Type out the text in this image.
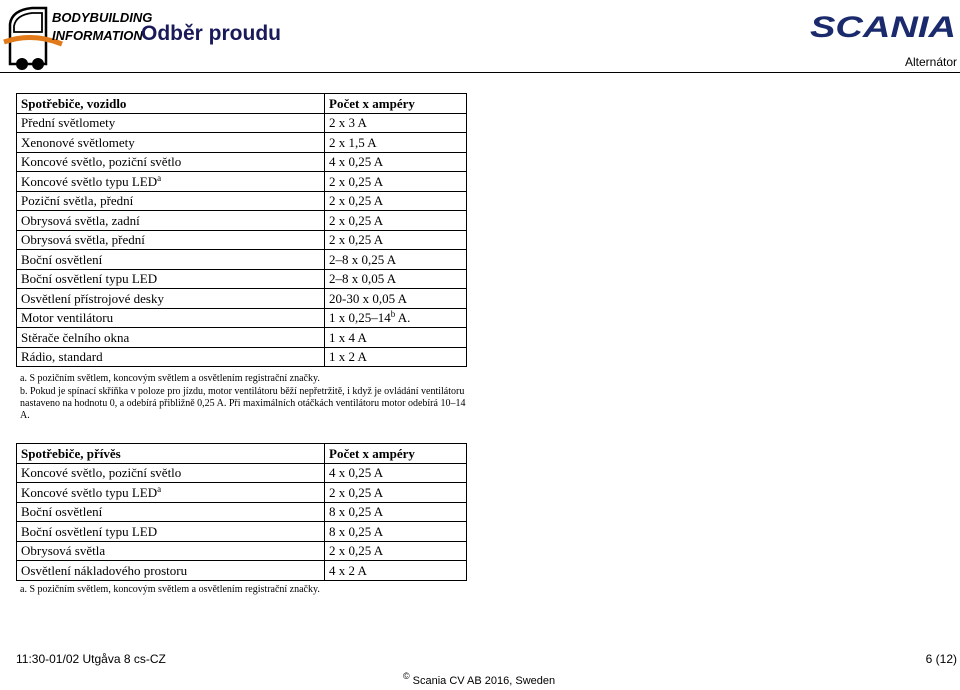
BODYBUILDING
INFORMATION
Odběr proudu	SCANIA
Alternátor
Spotřebiče, vozidlo	Počet x ampéry
Přední světlomety	2 x 3 A
Xenonové světlomety	2 x 1,5 A
Koncové světlo, poziční světlo	4 x 0,25 A
Koncové světlo typu LED$^a$	2 x 0,25 A
Poziční světla, přední	2 x 0,25 A
Obrysová světla, zadní	2 x 0,25 A
Obrysová světla, přední	2 x 0,25 A
Boční osvětlení	2–8 x 0,25 A
Boční osvětlení typu LED	2–8 x 0,05 A
Osvětlení přístrojové desky	20-30 x 0,05 A
Motor ventilátoru	1 x 0,25–14$^b$ A.
Stěrače čelního okna	1 x 4 A
Rádio, standard	1 x 2 A
a. S pozičním světlem, koncovým světlem a osvětlením registrační značky.
b. Pokud je spínací skříňka v poloze pro jízdu, motor ventilátoru běží nepřetržitě, i když je ovládání ventilátoru nastaveno na hodnotu 0, a odebírá přibližně 0,25 A. Při maximálních otáčkách ventilátoru motor odebírá 10–14 A.
Spotřebiče, přívěs	Počet x ampéry
Koncové světlo, poziční světlo	4 x 0,25 A
Koncové světlo typu LED$^a$	2 x 0,25 A
Boční osvětlení	8 x 0,25 A
Boční osvětlení typu LED	8 x 0,25 A
Obrysová světla	2 x 0,25 A
Osvětlení nákladového prostoru	4 x 2 A
a. S pozičním světlem, koncovým světlem a osvětlením registrační značky.
11:30-01/02 Utgåva 8 cs-CZ	6 (12)
© Scania CV AB 2016, Sweden
